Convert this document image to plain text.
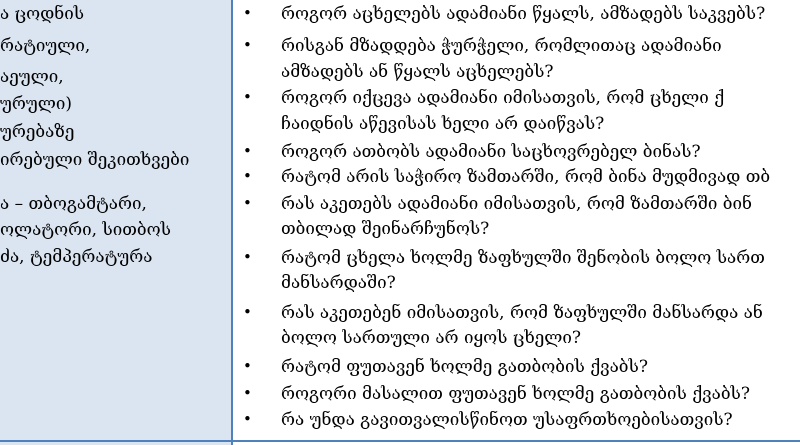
ა ცოდნის
რატიული,
აეული,
ურული)
ურებაზე
ირებული შეკითხვები
ა – თბოგამტარი,
ოლატორი, სითბოს
ძა, ტემპერატურა
• როგორ აცხელებს ადამიანი წყალს, ამზადებს საკვებს?
• რისგან მზადდება ჭურჭელი, რომლითაც ადამიანი
ამზადებს ან წყალს აცხელებს?
• როგორ იქცევა ადამიანი იმისათვის, რომ ცხელი ქ
ჩაიდნის აწევისას ხელი არ დაიწვას?
• როგორ ათბობს ადამიანი საცხოვრებელ ბინას?
• რატომ არის საჭირო ზამთარში, რომ ბინა მუდმივად თბ
• რას აკეთებს ადამიანი იმისათვის, რომ ზამთარში ბინ
თბილად შეინარჩუნოს?
• რატომ ცხელა ხოლმე ზაფხულში შენობის ბოლო სართ
მანსარდაში?
• რას აკეთებენ იმისათვის, რომ ზაფხულში მანსარდა ან
ბოლო სართული არ იყოს ცხელი?
• რატომ ფუთავენ ხოლმე გათბობის ქვაბს?
• როგორი მასალით ფუთავენ ხოლმე გათბობის ქვაბს?
• რა უნდა გავითვალისწინოთ უსაფრთხოებისათვის?
